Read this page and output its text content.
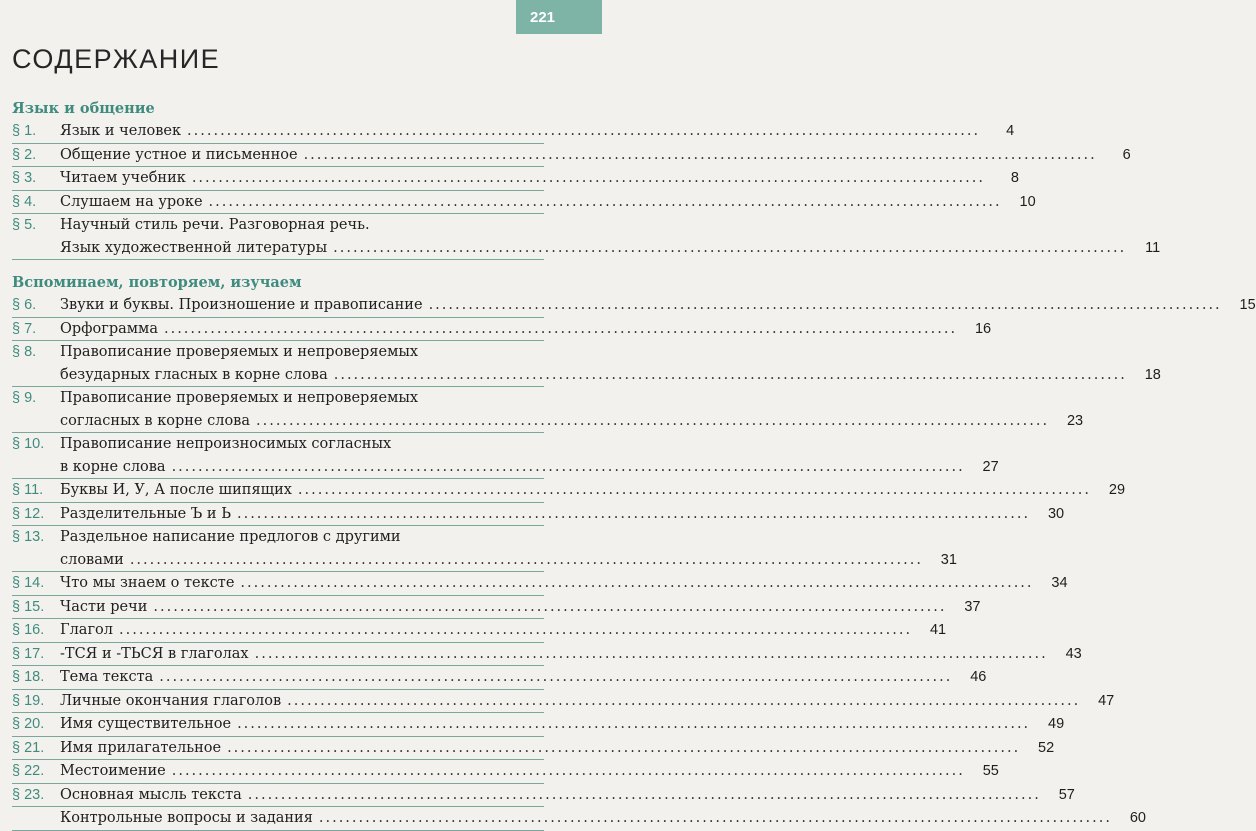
221
СОДЕРЖАНИЕ
Язык и общение
§ 1.	Язык и человек ........................................................................................................................	4
§ 2.	Общение устное и письменное ........................................................................................................................	6
§ 3.	Читаем учебник ........................................................................................................................	8
§ 4.	Слушаем на уроке ........................................................................................................................	10
§ 5.	Научный стиль речи. Разговорная речь.
Язык художественной литературы ........................................................................................................................	11
Вспоминаем, повторяем, изучаем
§ 6.	Звуки и буквы. Произношение и правописание ........................................................................................................................	15
§ 7.	Орфограмма ........................................................................................................................	16
§ 8.	Правописание проверяемых и непроверяемых
безударных гласных в корне слова ........................................................................................................................	18
§ 9.	Правописание проверяемых и непроверяемых
согласных в корне слова ........................................................................................................................	23
§ 10.	Правописание непроизносимых согласных
в корне слова ........................................................................................................................	27
§ 11.	Буквы И, У, А после шипящих ........................................................................................................................	29
§ 12.	Разделительные Ъ и Ь ........................................................................................................................	30
§ 13.	Раздельное написание предлогов с другими
словами ........................................................................................................................	31
§ 14.	Что мы знаем о тексте ........................................................................................................................	34
§ 15.	Части речи ........................................................................................................................	37
§ 16.	Глагол ........................................................................................................................	41
§ 17.	-ТСЯ и -ТЬСЯ в глаголах ........................................................................................................................	43
§ 18.	Тема текста ........................................................................................................................	46
§ 19.	Личные окончания глаголов ........................................................................................................................	47
§ 20.	Имя существительное ........................................................................................................................	49
§ 21.	Имя прилагательное ........................................................................................................................	52
§ 22.	Местоимение ........................................................................................................................	55
§ 23.	Основная мысль текста ........................................................................................................................	57
Контрольные вопросы и задания ........................................................................................................................	60
